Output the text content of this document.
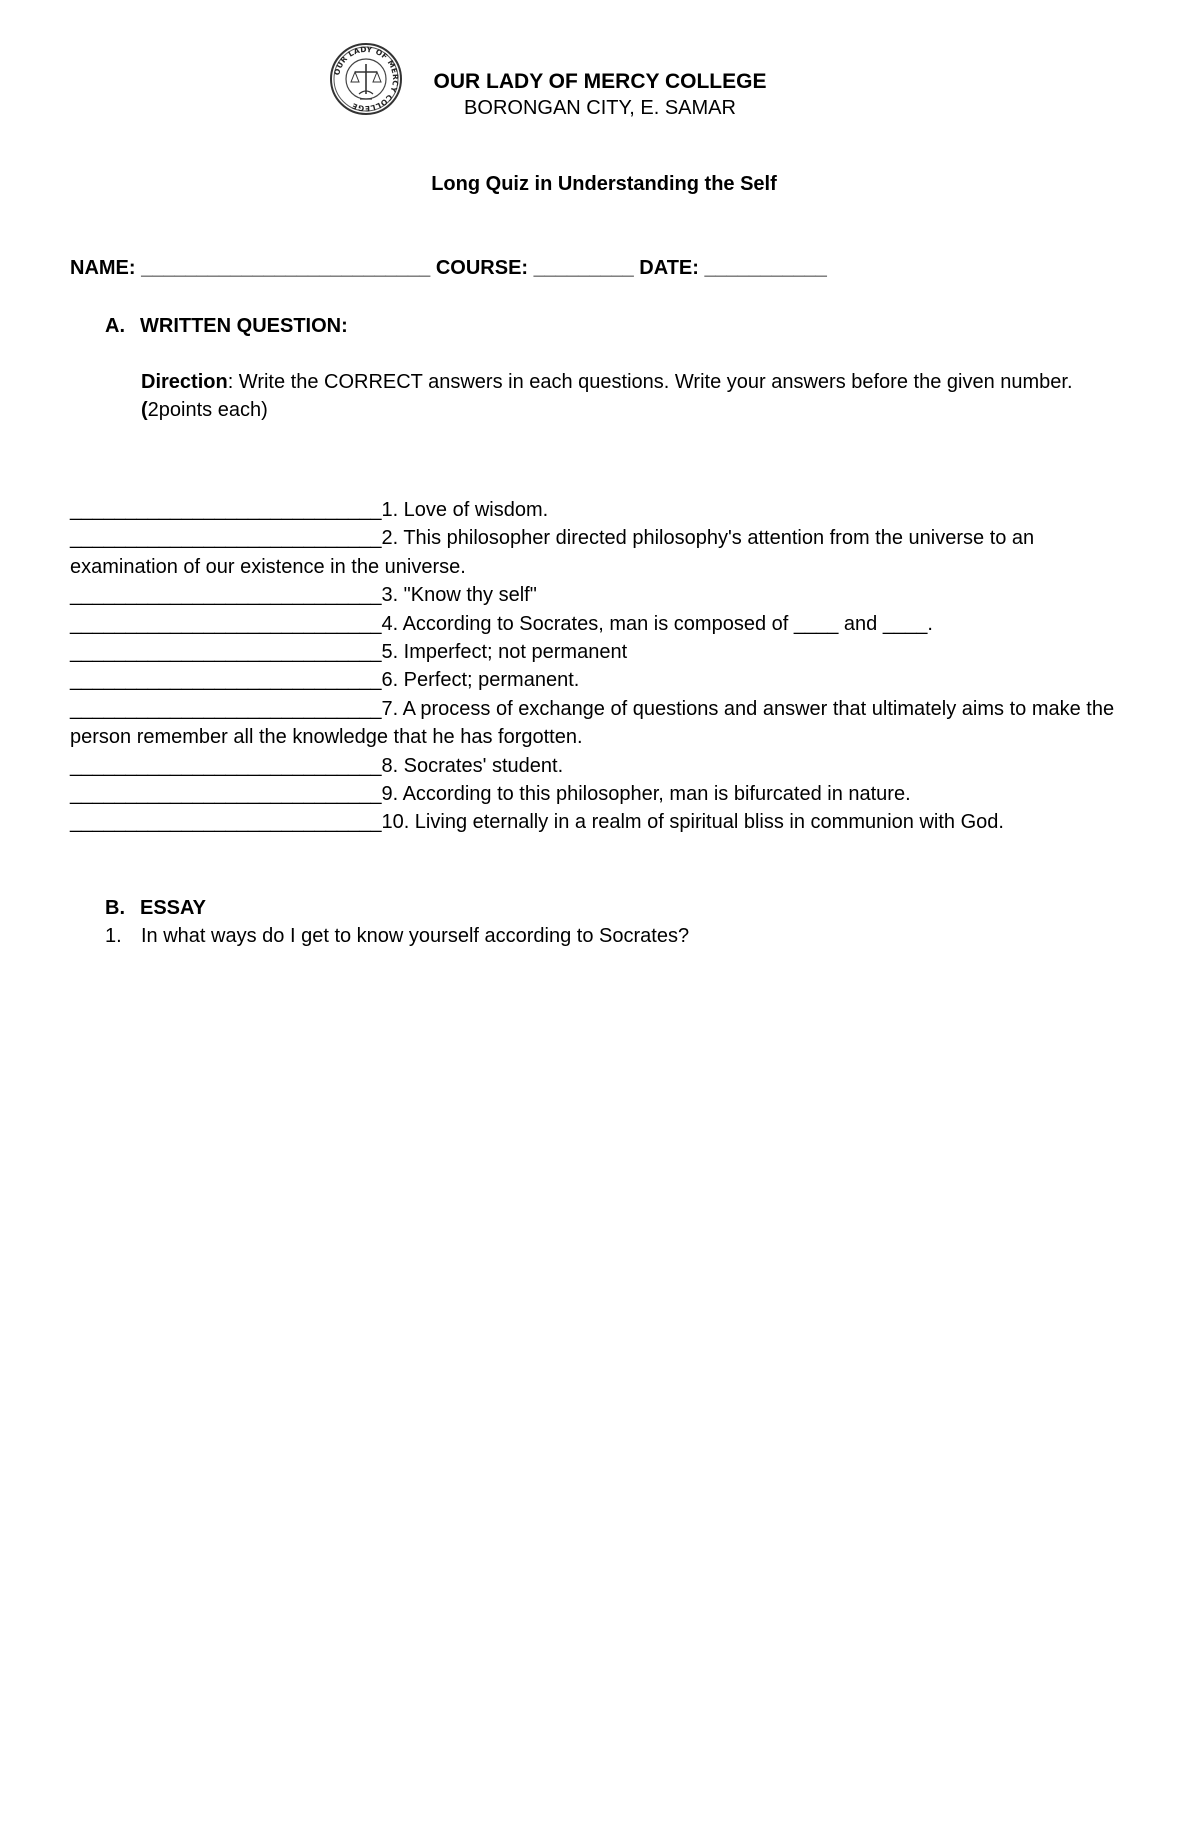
OUR LADY OF MERCY COLLEGE
OUR LADY OF MERCY COLLEGE
BORONGAN CITY, E. SAMAR
Long Quiz in Understanding the Self
NAME: __________________________ COURSE: _________ DATE: ___________
A. WRITTEN QUESTION:
Direction: Write the CORRECT answers in each questions. Write your answers before the given number. (2points each)

____________________________1. Love of wisdom.

____________________________2. This philosopher directed philosophy's attention from the universe to an examination of our existence in the universe.

____________________________3. "Know thy self"

____________________________4. According to Socrates, man is composed of ____ and ____.

____________________________5. Imperfect; not permanent

____________________________6. Perfect; permanent.

____________________________7. A process of exchange of questions and answer that ultimately aims to make the person remember all the knowledge that he has forgotten.

____________________________8. Socrates' student.

____________________________9. According to this philosopher, man is bifurcated in nature.

____________________________10. Living eternally in a realm of spiritual bliss in communion with God.

B. ESSAY
1. In what ways do I get to know yourself according to Socrates?
